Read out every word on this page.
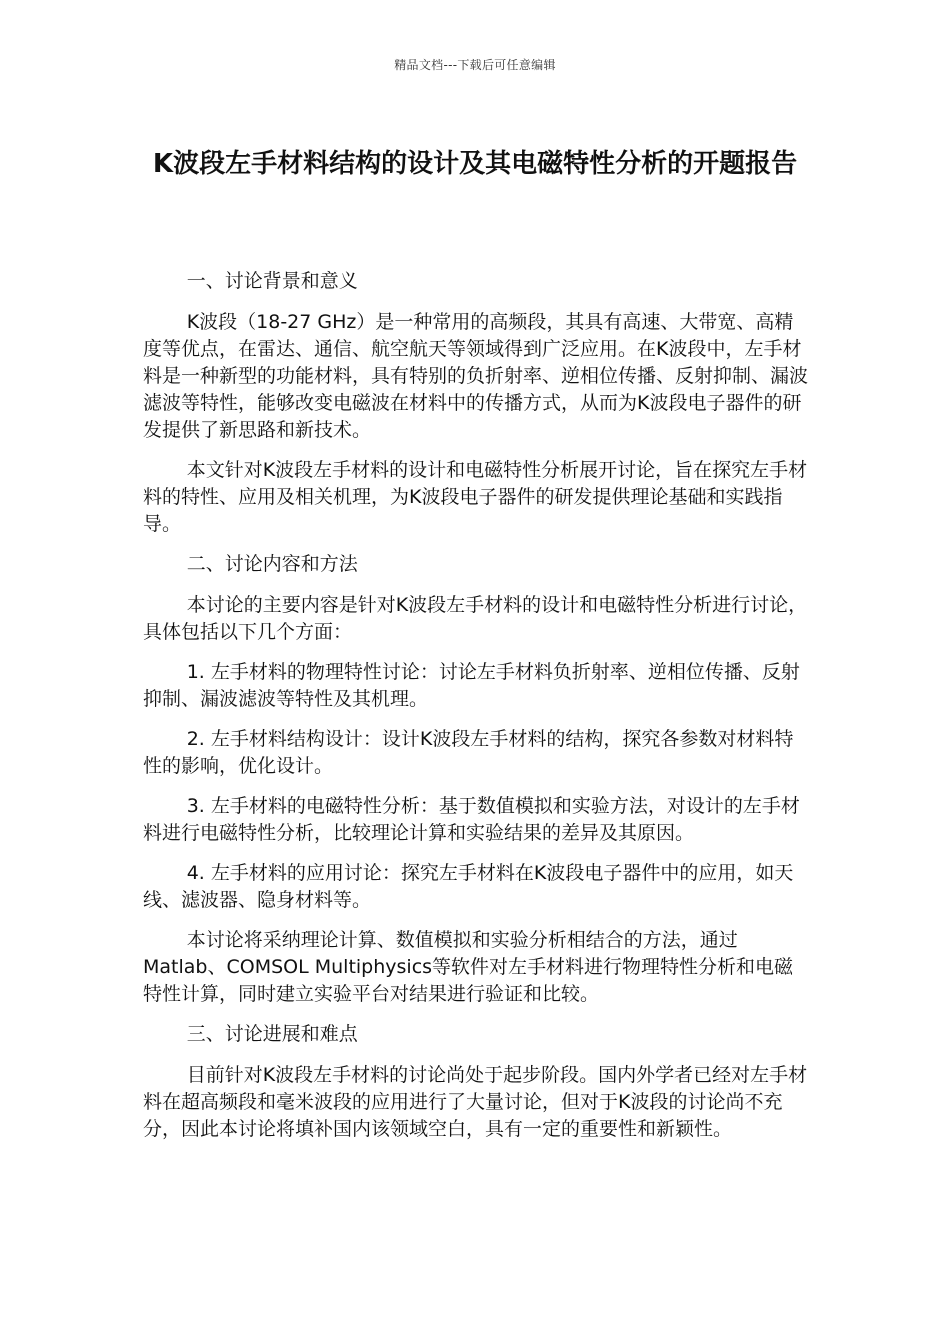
精品文档---下载后可任意编辑
K波段左手材料结构的设计及其电磁特性分析的开题报告

一、讨论背景和意义

K波段（18-27 GHz）是一种常用的高频段，其具有高速、大带宽、高精度等优点，在雷达、通信、航空航天等领域得到广泛应用。在K波段中，左手材料是一种新型的功能材料，具有特别的负折射率、逆相位传播、反射抑制、漏波滤波等特性，能够改变电磁波在材料中的传播方式，从而为K波段电子器件的研发提供了新思路和新技术。

本文针对K波段左手材料的设计和电磁特性分析展开讨论，旨在探究左手材料的特性、应用及相关机理，为K波段电子器件的研发提供理论基础和实践指导。

二、讨论内容和方法

本讨论的主要内容是针对K波段左手材料的设计和电磁特性分析进行讨论，具体包括以下几个方面：

1. 左手材料的物理特性讨论：讨论左手材料负折射率、逆相位传播、反射抑制、漏波滤波等特性及其机理。

2. 左手材料结构设计：设计K波段左手材料的结构，探究各参数对材料特性的影响，优化设计。

3. 左手材料的电磁特性分析：基于数值模拟和实验方法，对设计的左手材料进行电磁特性分析，比较理论计算和实验结果的差异及其原因。

4. 左手材料的应用讨论：探究左手材料在K波段电子器件中的应用，如天线、滤波器、隐身材料等。

本讨论将采纳理论计算、数值模拟和实验分析相结合的方法，通过Matlab、COMSOL Multiphysics等软件对左手材料进行物理特性分析和电磁特性计算，同时建立实验平台对结果进行验证和比较。

三、讨论进展和难点

目前针对K波段左手材料的讨论尚处于起步阶段。国内外学者已经对左手材料在超高频段和毫米波段的应用进行了大量讨论，但对于K波段的讨论尚不充分，因此本讨论将填补国内该领域空白，具有一定的重要性和新颖性。
